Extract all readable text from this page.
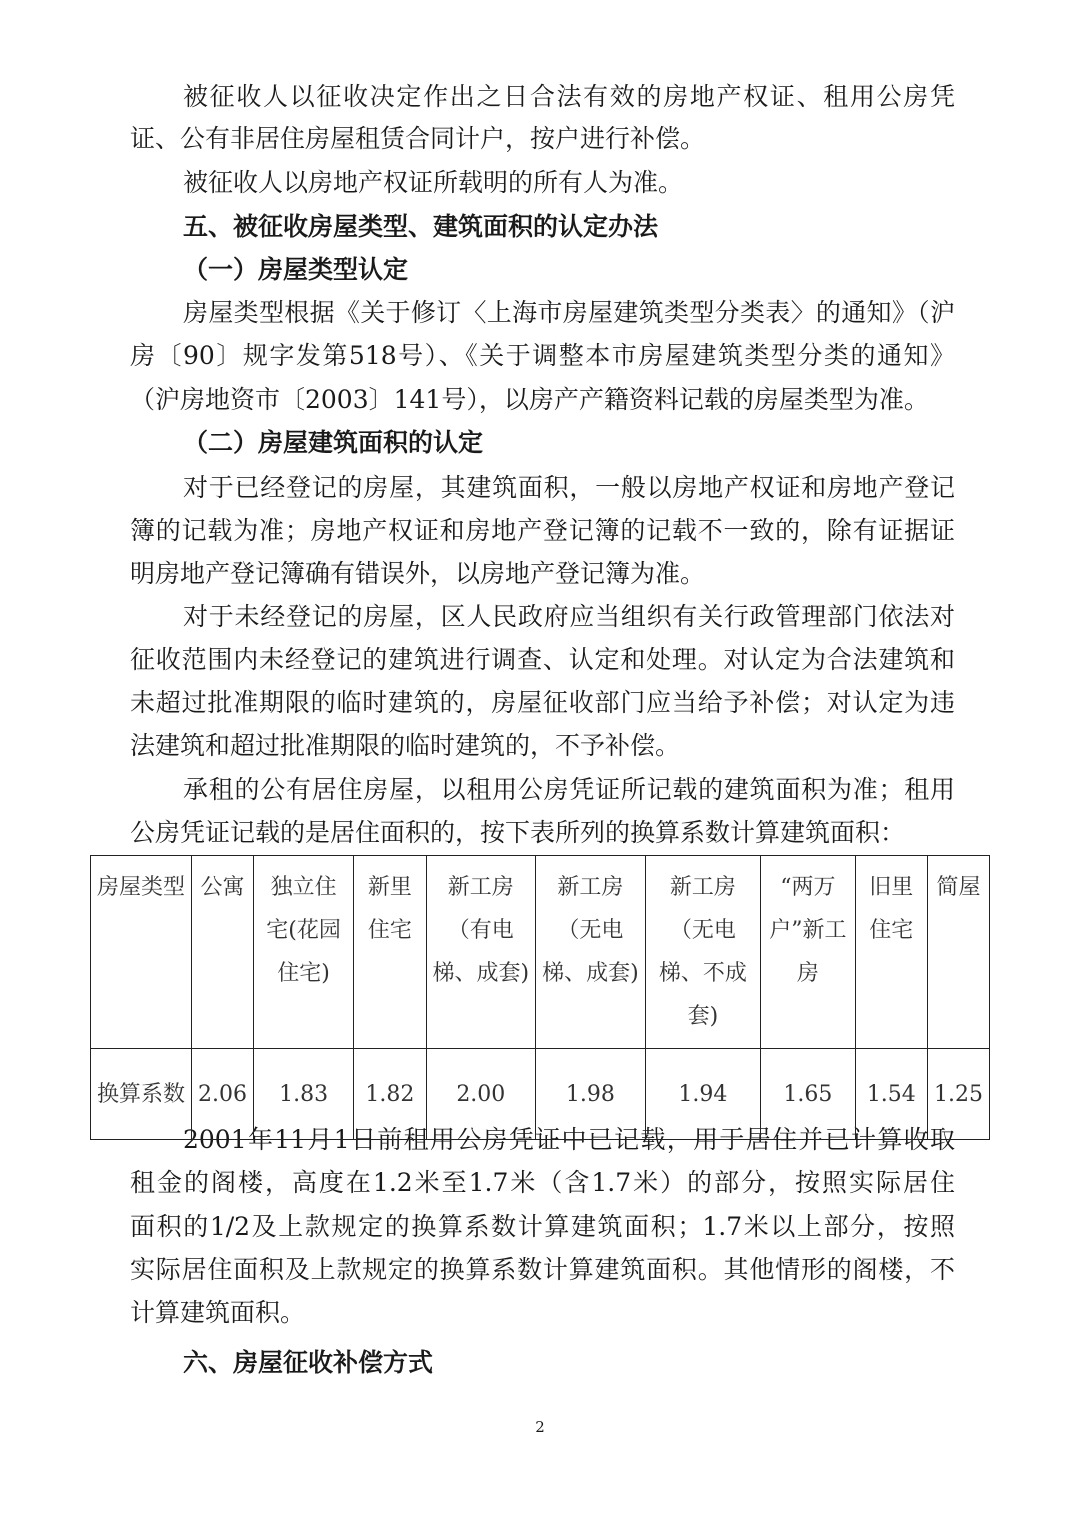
被征收人以征收决定作出之日合法有效的房地产权证、租用公房凭
证、公有非居住房屋租赁合同计户，按户进行补偿。
被征收人以房地产权证所载明的所有人为准。
五、被征收房屋类型、建筑面积的认定办法
（一）房屋类型认定
房屋类型根据《关于修订〈上海市房屋建筑类型分类表〉的通知》（沪
房〔90〕规字发第518号）、《关于调整本市房屋建筑类型分类的通知》
（沪房地资市〔2003〕141号），以房产产籍资料记载的房屋类型为准。
（二）房屋建筑面积的认定
对于已经登记的房屋，其建筑面积，一般以房地产权证和房地产登记
簿的记载为准；房地产权证和房地产登记簿的记载不一致的，除有证据证
明房地产登记簿确有错误外，以房地产登记簿为准。
对于未经登记的房屋，区人民政府应当组织有关行政管理部门依法对
征收范围内未经登记的建筑进行调查、认定和处理。对认定为合法建筑和
未超过批准期限的临时建筑的，房屋征收部门应当给予补偿；对认定为违
法建筑和超过批准期限的临时建筑的，不予补偿。
承租的公有居住房屋，以租用公房凭证所记载的建筑面积为准；租用
公房凭证记载的是居住面积的，按下表所列的换算系数计算建筑面积：
2001年11月1日前租用公房凭证中已记载，用于居住并已计算收取
租金的阁楼，高度在1.2米至1.7米（含1.7米）的部分，按照实际居住
面积的1/2及上款规定的换算系数计算建筑面积；1.7米以上部分，按照
实际居住面积及上款规定的换算系数计算建筑面积。其他情形的阁楼，不
计算建筑面积。
六、房屋征收补偿方式
房屋类型	公寓	独立住宅(花园住宅)	新里住宅	新工房（有电梯、成套)	新工房（无电梯、成套)	新工房（无电梯、不成套)	“两万户”新工房	旧里住宅	简屋
换算系数	2.06	1.83	1.82	2.00	1.98	1.94	1.65	1.54	1.25
2
